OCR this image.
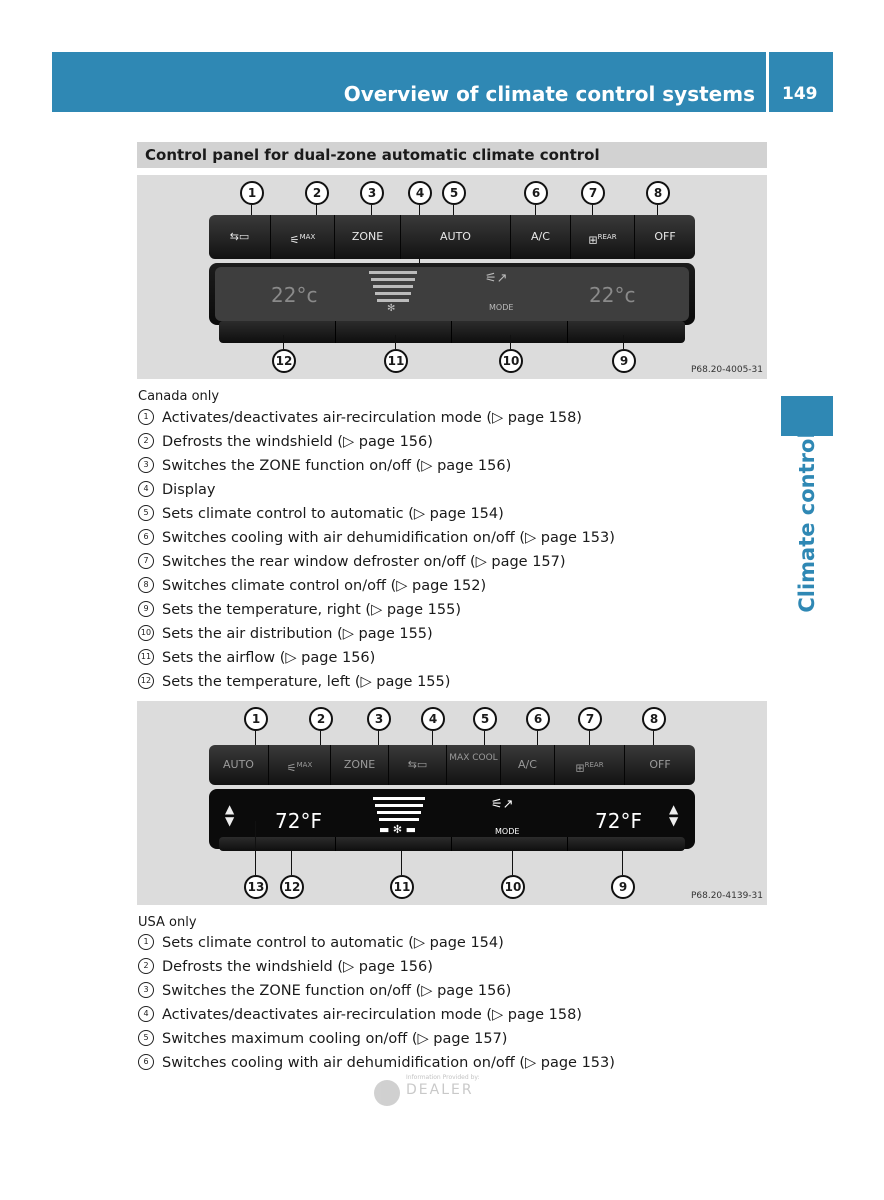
Overview of climate control systems 149
Climate control
Control panel for dual-zone automatic climate control
1	2	3	4	5	6	7	8
⇆▭	⚟$^{MAX}$	ZONE	AUTO	A/C	⊞$^{REAR}$	OFF
22°c
✻
⚟↗
MODE
22°c
12	11	10	9
P68.20-4005-31
Canada only
1 Activates/deactivates air-recirculation mode (▷ page 158)
2 Defrosts the windshield (▷ page 156)
3 Switches the ZONE function on/off (▷ page 156)
4 Display
5 Sets climate control to automatic (▷ page 154)
6 Switches cooling with air dehumidification on/off (▷ page 153)
7 Switches the rear window defroster on/off (▷ page 157)
8 Switches climate control on/off (▷ page 152)
9 Sets the temperature, right (▷ page 155)
10 Sets the air distribution (▷ page 155)
11 Sets the airflow (▷ page 156)
12 Sets the temperature, left (▷ page 155)
1	2	3	4	5	6	7	8
AUTO	⚟$^{MAX}$	ZONE	⇆▭	MAX COOL	A/C	⊞$^{REAR}$	OFF
▲
▼ 72°F	▬ ✻ ▬
⚟↗
MODE	72°F ▲
▼
13	12	11	10	9
P68.20-4139-31
USA only
1 Sets climate control to automatic (▷ page 154)
2 Defrosts the windshield (▷ page 156)
3 Switches the ZONE function on/off (▷ page 156)
4 Activates/deactivates air-recirculation mode (▷ page 158)
5 Switches maximum cooling on/off (▷ page 157)
6 Switches cooling with air dehumidification on/off (▷ page 153)
Information Provided by:
DEALER
